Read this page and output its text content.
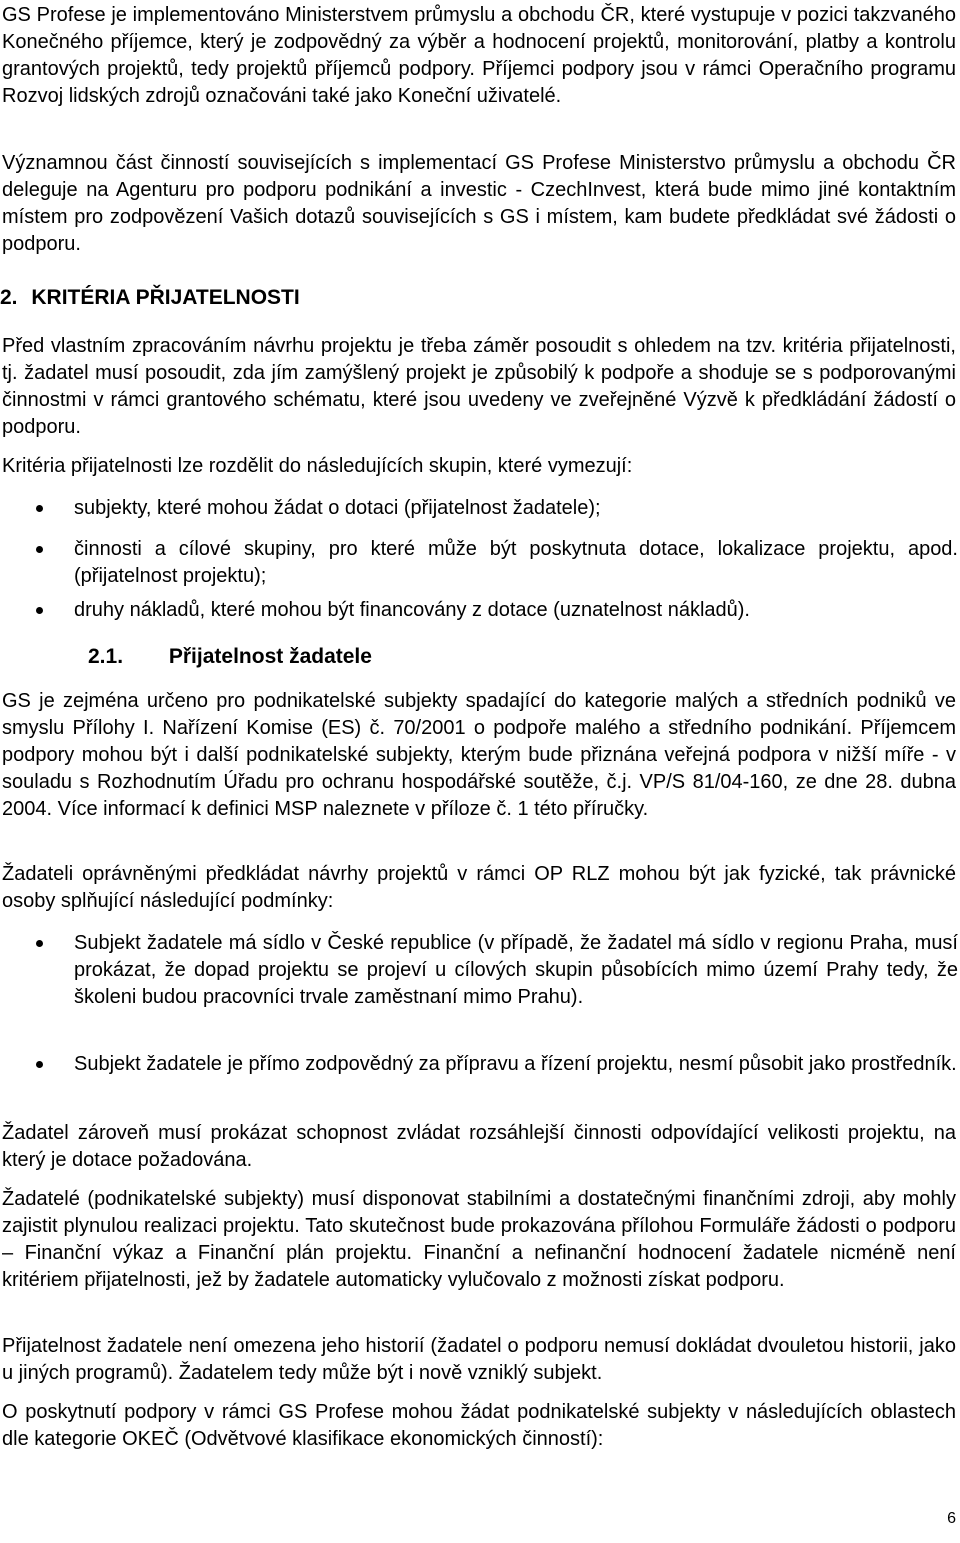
GS Profese je implementováno Ministerstvem průmyslu a obchodu ČR, které vystupuje v pozici takzvaného Konečného příjemce, který je zodpovědný za výběr a hodnocení projektů, monitorování, platby a kontrolu grantových projektů, tedy projektů příjemců podpory. Příjemci podpory jsou v rámci Operačního programu Rozvoj lidských zdrojů označováni také jako Koneční uživatelé.

Významnou část činností souvisejících s implementací GS Profese Ministerstvo průmyslu a obchodu ČR deleguje na Agenturu pro podporu podnikání a investic - CzechInvest, která bude mimo jiné kontaktním místem pro zodpovězení Vašich dotazů souvisejících s GS i místem, kam budete předkládat své žádosti o podporu.

2. KRITÉRIA PŘIJATELNOSTI

Před vlastním zpracováním návrhu projektu je třeba záměr posoudit s ohledem na tzv. kritéria přijatelnosti, tj. žadatel musí posoudit, zda jím zamýšlený projekt je způsobilý k podpoře a shoduje se s podporovanými činnostmi v rámci grantového schématu, které jsou uvedeny ve zveřejněné Výzvě k předkládání žádostí o podporu.

Kritéria přijatelnosti lze rozdělit do následujících skupin, které vymezují:

subjekty, které mohou žádat o dotaci (přijatelnost žadatele);

činnosti a cílové skupiny, pro které může být poskytnuta dotace, lokalizace projektu, apod. (přijatelnost projektu);

druhy nákladů, které mohou být financovány z dotace (uznatelnost nákladů).

2.1. Přijatelnost žadatele

GS je zejména určeno pro podnikatelské subjekty spadající do kategorie malých a středních podniků ve smyslu Přílohy I. Nařízení Komise (ES) č. 70/2001 o podpoře malého a středního podnikání. Příjemcem podpory mohou být i další podnikatelské subjekty, kterým bude přiznána veřejná podpora v nižší míře - v souladu s Rozhodnutím Úřadu pro ochranu hospodářské soutěže, č.j. VP/S 81/04-160, ze dne 28. dubna 2004. Více informací k definici MSP naleznete v příloze č. 1 této příručky.

Žadateli oprávněnými předkládat návrhy projektů v rámci OP RLZ mohou být jak fyzické, tak právnické osoby splňující následující podmínky:

Subjekt žadatele má sídlo v České republice (v případě, že žadatel má sídlo v regionu Praha, musí prokázat, že dopad projektu se projeví u cílových skupin působících mimo území Prahy tedy, že školeni budou pracovníci trvale zaměstnaní mimo Prahu).

Subjekt žadatele je přímo zodpovědný za přípravu a řízení projektu, nesmí působit jako prostředník.

Žadatel zároveň musí prokázat schopnost zvládat rozsáhlejší činnosti odpovídající velikosti projektu, na který je dotace požadována.

Žadatelé (podnikatelské subjekty) musí disponovat stabilními a dostatečnými finančními zdroji, aby mohly zajistit plynulou realizaci projektu. Tato skutečnost bude prokazována přílohou Formuláře žádosti o podporu – Finanční výkaz a Finanční plán projektu. Finanční a nefinanční hodnocení žadatele nicméně není kritériem přijatelnosti, jež by žadatele automaticky vylučovalo z možnosti získat podporu.

Přijatelnost žadatele není omezena jeho historií (žadatel o podporu nemusí dokládat dvouletou historii, jako u jiných programů). Žadatelem tedy může být i nově vzniklý subjekt.

O poskytnutí podpory v rámci GS Profese mohou žádat podnikatelské subjekty v následujících oblastech dle kategorie OKEČ (Odvětvové klasifikace ekonomických činností):

6
